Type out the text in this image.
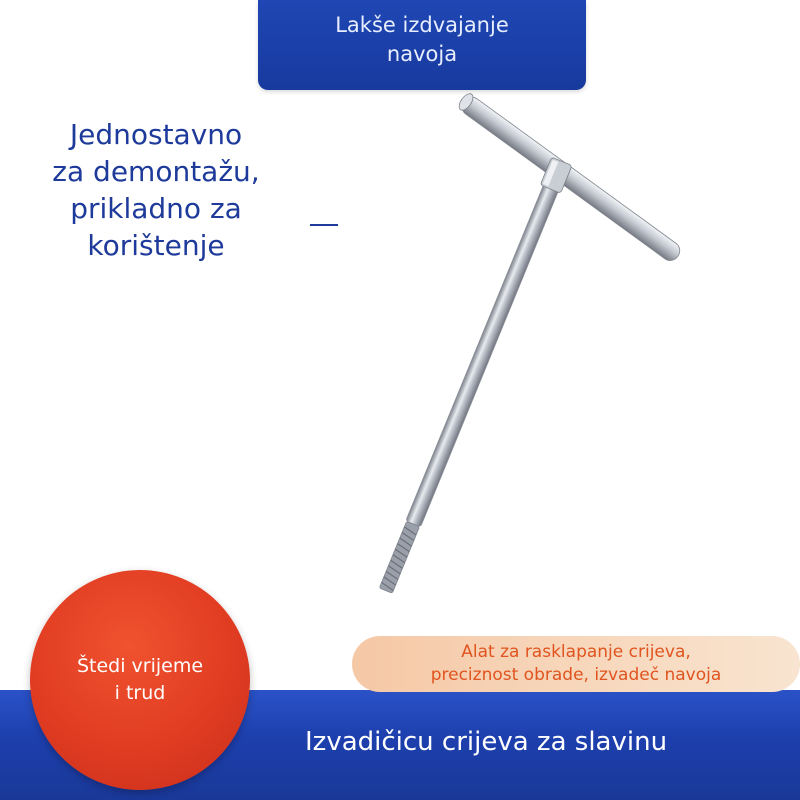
Lakše izdvajanje
navoja
Jednostavno
za demontažu,
prikladno za
korištenje
Izvadičicu crijeva za slavinu
Alat za rasklapanje crijeva,
preciznost obrade, izvadeč navoja
Štedi vrijeme
i trud
